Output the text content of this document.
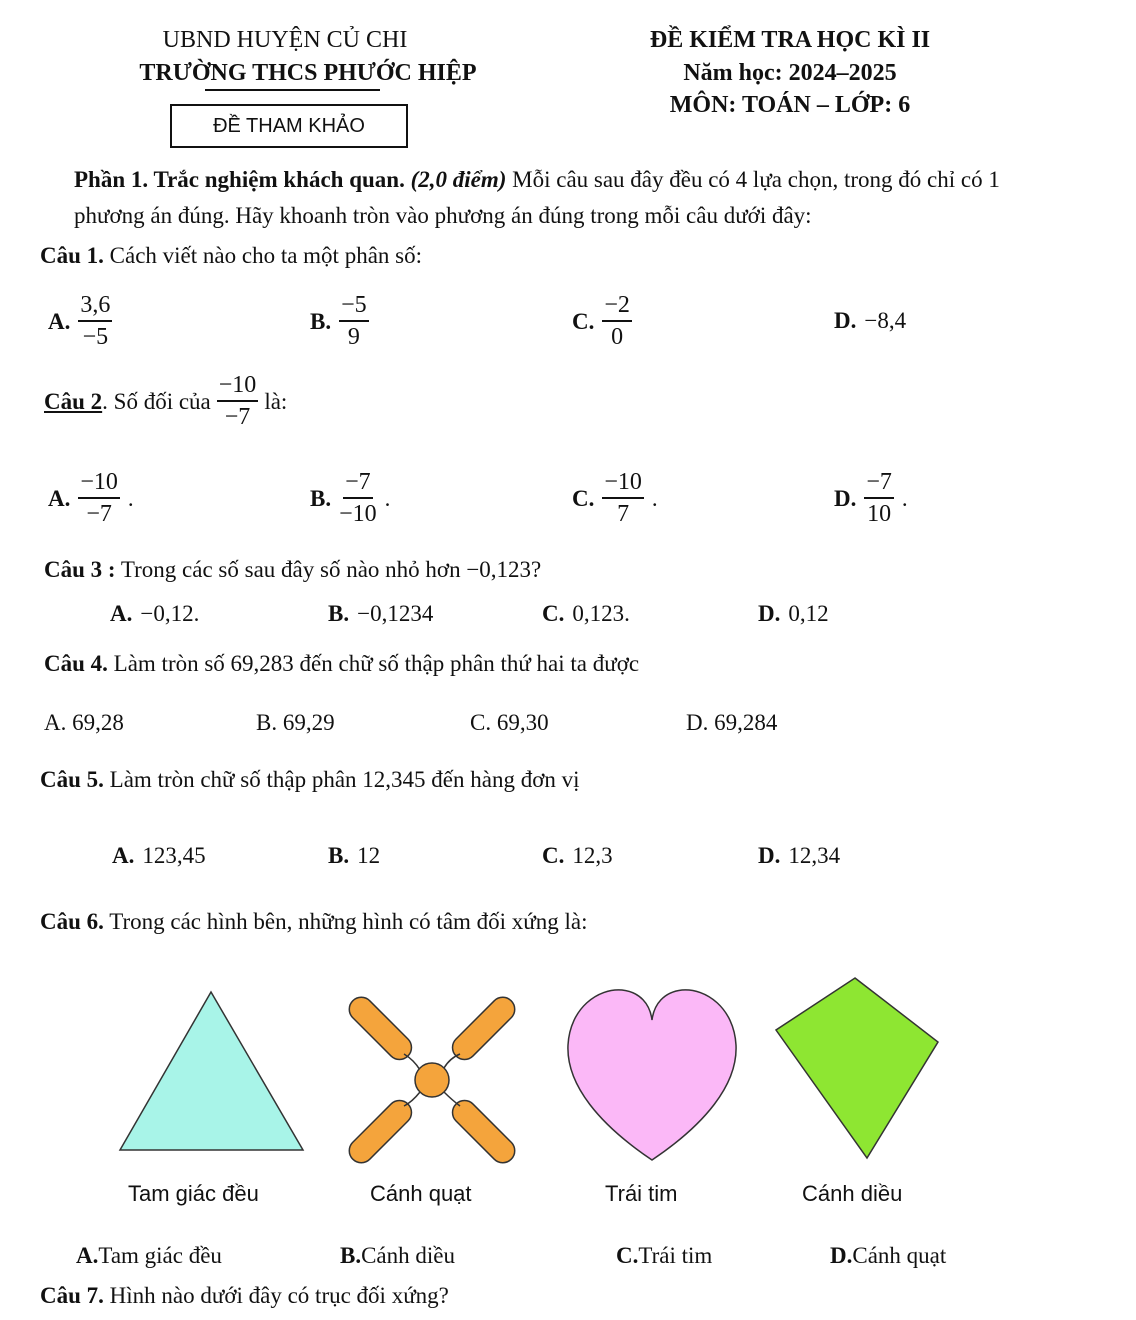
UBND HUYỆN CỦ CHI
TRƯỜNG THCS PHƯỚC HIỆP
ĐỀ THAM KHẢO
ĐỀ KIỂM TRA HỌC KÌ II
Năm học: 2024–2025
MÔN: TOÁN – LỚP: 6
Phần 1. Trắc nghiệm khách quan. (2,0 điểm) Mỗi câu sau đây đều có 4 lựa chọn, trong đó chỉ có 1
phương án đúng. Hãy khoanh tròn vào phương án đúng trong mỗi câu dưới đây:
Câu 1. Cách viết nào cho ta một phân số:
A. $\frac{3,6}{-5}$	B. $\frac{-5}{9}$	C. $\frac{-2}{0}$	D. −8,4
Câu 2. Số đối của $\frac{-10}{-7}$ là:
A. $\frac{-10}{-7}$ .	B. $\frac{-7}{-10}$ .	C. $\frac{-10}{7}$ .	D. $\frac{-7}{10}$ .
Câu 3 : Trong các số sau đây số nào nhỏ hơn −0,123?
A. −0,12.	B. −0,1234	C. 0,123.	D. 0,12
Câu 4. Làm tròn số 69,283 đến chữ số thập phân thứ hai ta được
A. 69,28	B. 69,29	C. 69,30	D. 69,284
Câu 5. Làm tròn chữ số thập phân 12,345 đến hàng đơn vị
A. 123,45	B. 12	C. 12,3	D. 12,34
Câu 6. Trong các hình bên, những hình có tâm đối xứng là:
Tam giác đều	Cánh quạt	Trái tim	Cánh diều
A. Tam giác đều	B. Cánh diều	C. Trái tim	D. Cánh quạt
Câu 7. Hình nào dưới đây có trục đối xứng?
